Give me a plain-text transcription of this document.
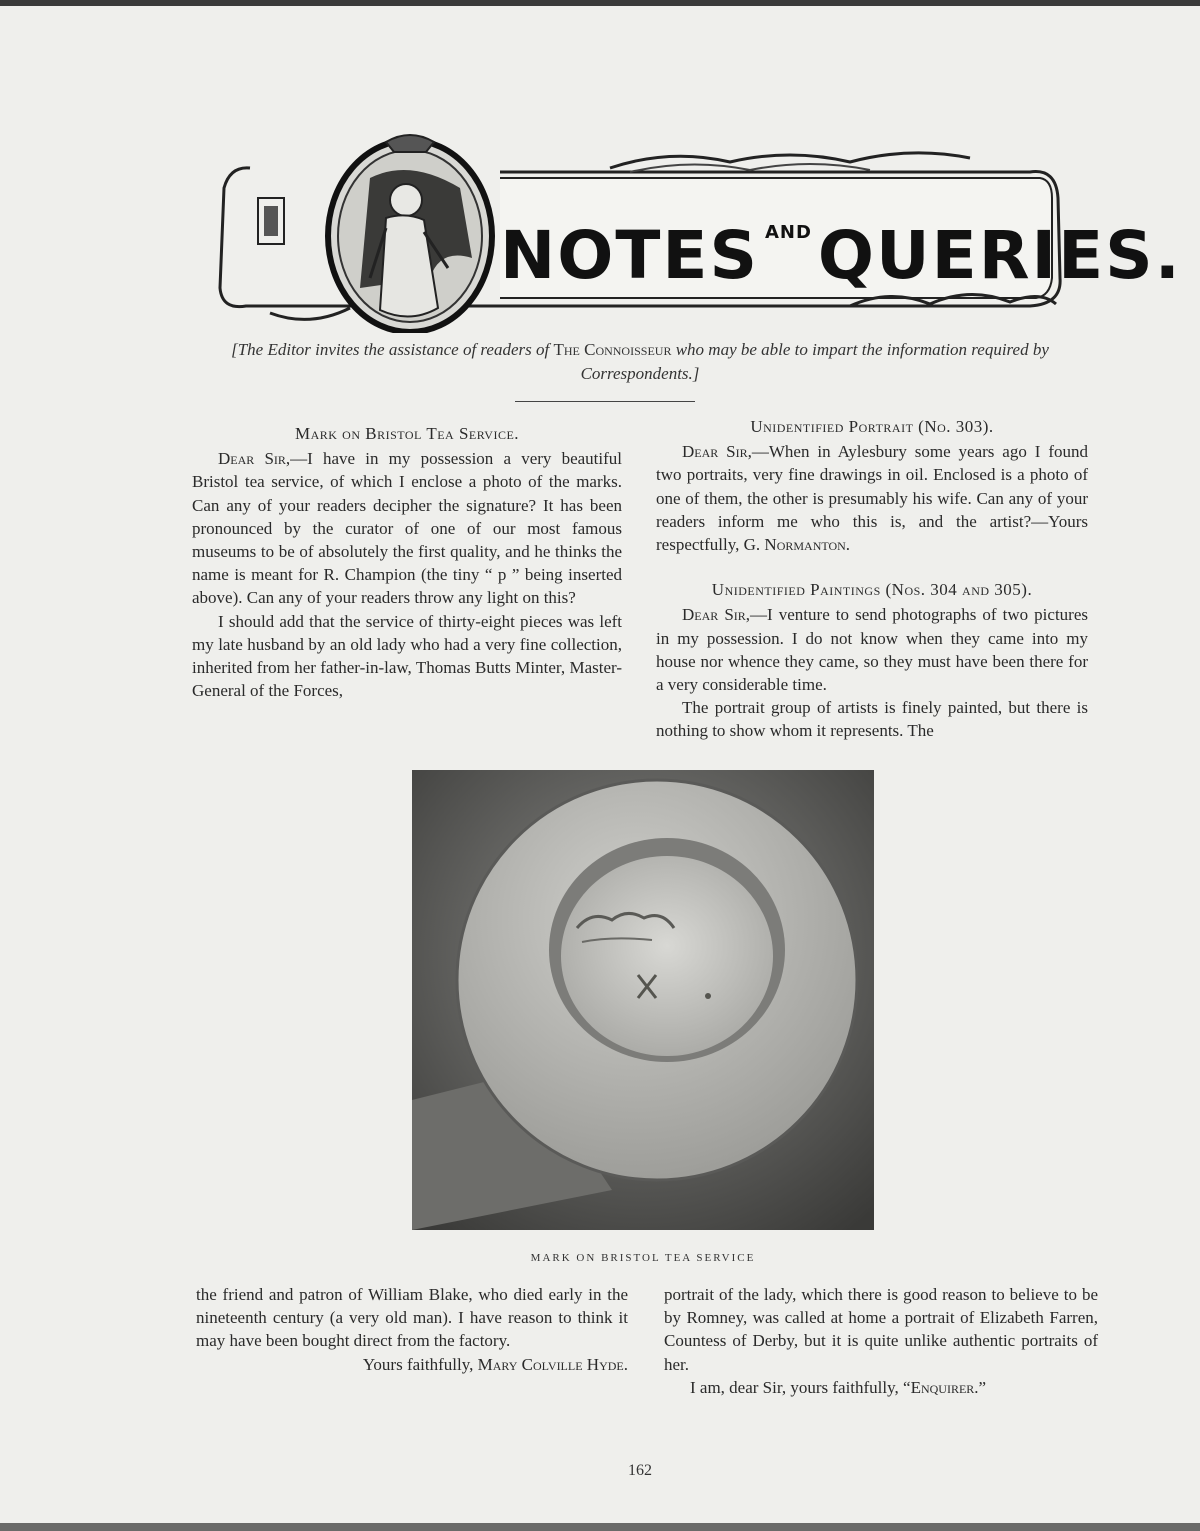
NOTES $^{AND}$QUERIES.
[The Editor invites the assistance of readers of The Connoisseur who may be able to impart the information required by Correspondents.]

Mark on Bristol Tea Service.

Dear Sir,—I have in my possession a very beautiful Bristol tea service, of which I enclose a photo of the marks. Can any of your readers decipher the signature? It has been pronounced by the curator of one of our most famous museums to be of absolutely the first quality, and he thinks the name is meant for R. Champion (the tiny “ p ” being inserted above). Can any of your readers throw any light on this?

I should add that the service of thirty-eight pieces was left my late husband by an old lady who had a very fine collection, inherited from her father-in-law, Thomas Butts Minter, Master-General of the Forces,

Unidentified Portrait (No. 303).

Dear Sir,—When in Aylesbury some years ago I found two portraits, very fine drawings in oil. Enclosed is a photo of one of them, the other is presumably his wife. Can any of your readers inform me who this is, and the artist?—Yours respectfully, G. Normanton.

Unidentified Paintings (Nos. 304 and 305).

Dear Sir,—I venture to send photographs of two pictures in my possession. I do not know when they came into my house nor whence they came, so they must have been there for a very considerable time.

The portrait group of artists is finely painted, but there is nothing to show whom it represents. The

MARK ON BRISTOL TEA SERVICE

the friend and patron of William Blake, who died early in the nineteenth century (a very old man). I have reason to think it may have been bought direct from the factory.

Yours faithfully, Mary Colville Hyde.

portrait of the lady, which there is good reason to believe to be by Romney, was called at home a portrait of Elizabeth Farren, Countess of Derby, but it is quite unlike authentic portraits of her.

I am, dear Sir, yours faithfully, “Enquirer.”

162
